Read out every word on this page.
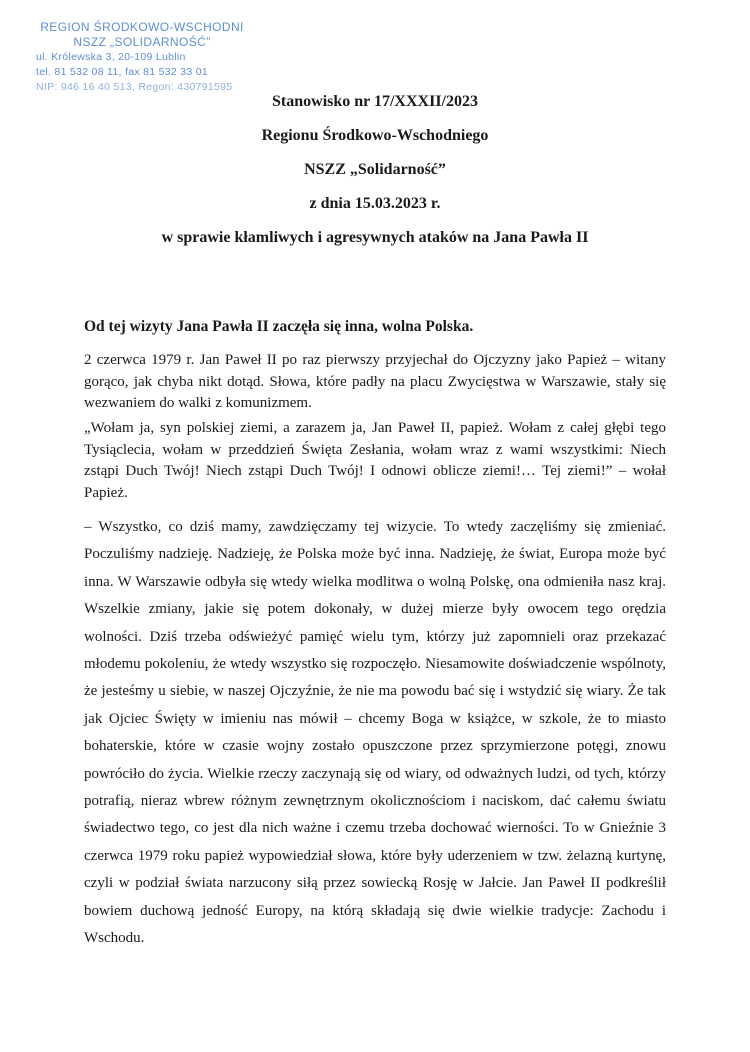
REGION ŚRODKOWO-WSCHODNI
NSZZ „SOLIDARNOŚĆ”
ul. Królewska 3, 20-109 Lublin
tel. 81 532 08 11, fax 81 532 33 01
NIP: 946 16 40 513, Regon: 430791595
Stanowisko nr 17/XXXII/2023
Regionu Środkowo-Wschodniego
NSZZ „Solidarność”
z dnia 15.03.2023 r.
w sprawie kłamliwych i agresywnych ataków na Jana Pawła II
Od tej wizyty Jana Pawła II zaczęła się inna, wolna Polska.
2 czerwca 1979 r. Jan Paweł II po raz pierwszy przyjechał do Ojczyzny jako Papież – witany gorąco, jak chyba nikt dotąd. Słowa, które padły na placu Zwycięstwa w Warszawie, stały się wezwaniem do walki z komunizmem.
„Wołam ja, syn polskiej ziemi, a zarazem ja, Jan Paweł II, papież. Wołam z całej głębi tego Tysiąclecia, wołam w przeddzień Święta Zesłania, wołam wraz z wami wszystkimi: Niech zstąpi Duch Twój! Niech zstąpi Duch Twój! I odnowi oblicze ziemi!… Tej ziemi!” – wołał Papież.
– Wszystko, co dziś mamy, zawdzięczamy tej wizycie. To wtedy zaczęliśmy się zmieniać. Poczuliśmy nadzieję. Nadzieję, że Polska może być inna. Nadzieję, że świat, Europa może być inna. W Warszawie odbyła się wtedy wielka modlitwa o wolną Polskę, ona odmieniła nasz kraj. Wszelkie zmiany, jakie się potem dokonały, w dużej mierze były owocem tego orędzia wolności. Dziś trzeba odświeżyć pamięć wielu tym, którzy już zapomnieli oraz przekazać młodemu pokoleniu, że wtedy wszystko się rozpoczęło. Niesamowite doświadczenie wspólnoty, że jesteśmy u siebie, w naszej Ojczyźnie, że nie ma powodu bać się i wstydzić się wiary. Że tak jak Ojciec Święty w imieniu nas mówił – chcemy Boga w książce, w szkole, że to miasto bohaterskie, które w czasie wojny zostało opuszczone przez sprzymierzone potęgi, znowu powróciło do życia. Wielkie rzeczy zaczynają się od wiary, od odważnych ludzi, od tych, którzy potrafią, nieraz wbrew różnym zewnętrznym okolicznościom i naciskom, dać całemu światu świadectwo tego, co jest dla nich ważne i czemu trzeba dochować wierności. To w Gnieźnie 3 czerwca 1979 roku papież wypowiedział słowa, które były uderzeniem w tzw. żelazną kurtynę, czyli w podział świata narzucony siłą przez sowiecką Rosję w Jałcie. Jan Paweł II podkreślił bowiem duchową jedność Europy, na którą składają się dwie wielkie tradycje: Zachodu i Wschodu.
